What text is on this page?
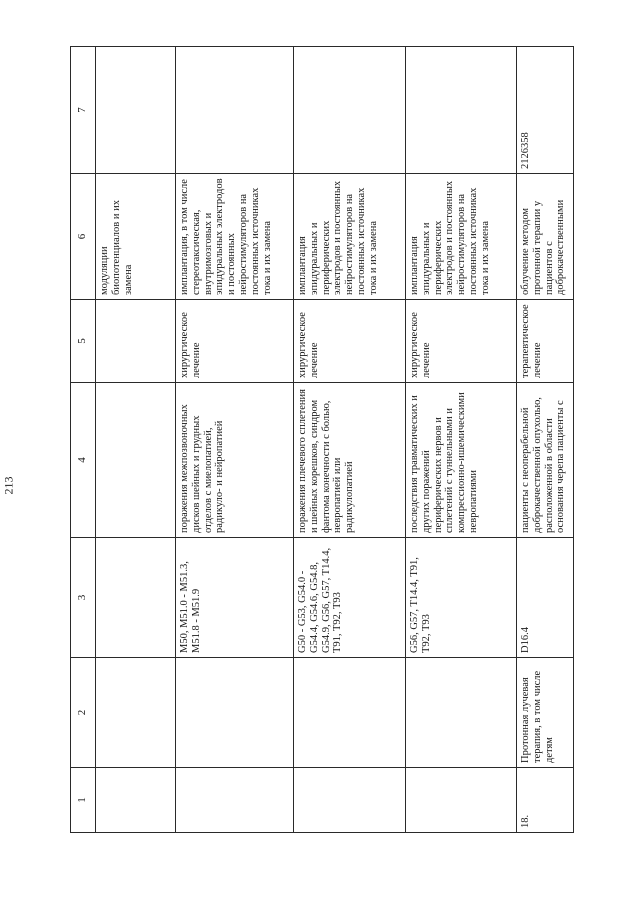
213
1	2	3	4	5	6	7
					модуляции биопотенциалов и их замена	
		M50, M51.0 - M51.3, M51.8 - M51.9	поражения межпозвоночных дисков шейных и грудных отделов с миелопатией, радикуло- и нейропатией	хирургическое лечение	имплантация, в том числе стереотаксическая, внутримозговых и эпидуральных электродов и постоянных нейростимуляторов на постоянных источниках тока и их замена	
		G50 - G53, G54.0 - G54.4, G54.6, G54.8, G54.9, G56, G57, T14.4, T91, T92, T93	поражения плечевого сплетения и шейных корешков, синдром фантома конечности с болью, невропатией или радикулопатией	хирургическое лечение	имплантация эпидуральных и периферических электродов и постоянных нейростимуляторов на постоянных источниках тока и их замена	
		G56, G57, T14.4, T91, T92, T93	последствия травматических и других поражений периферических нервов и сплетений с туннельными и компрессионно-ишемическими невропатиями	хирургическое лечение	имплантация эпидуральных и периферических электродов и постоянных нейростимуляторов на постоянных источниках тока и их замена	
18.	Протонная лучевая терапия, в том числе детям	D16.4	пациенты с неоперабельной доброкачественной опухолью, расположенной в области основания черепа пациенты с	терапевтическое лечение	облучение методом протонной терапии у пациентов с доброкачественными	2126358
